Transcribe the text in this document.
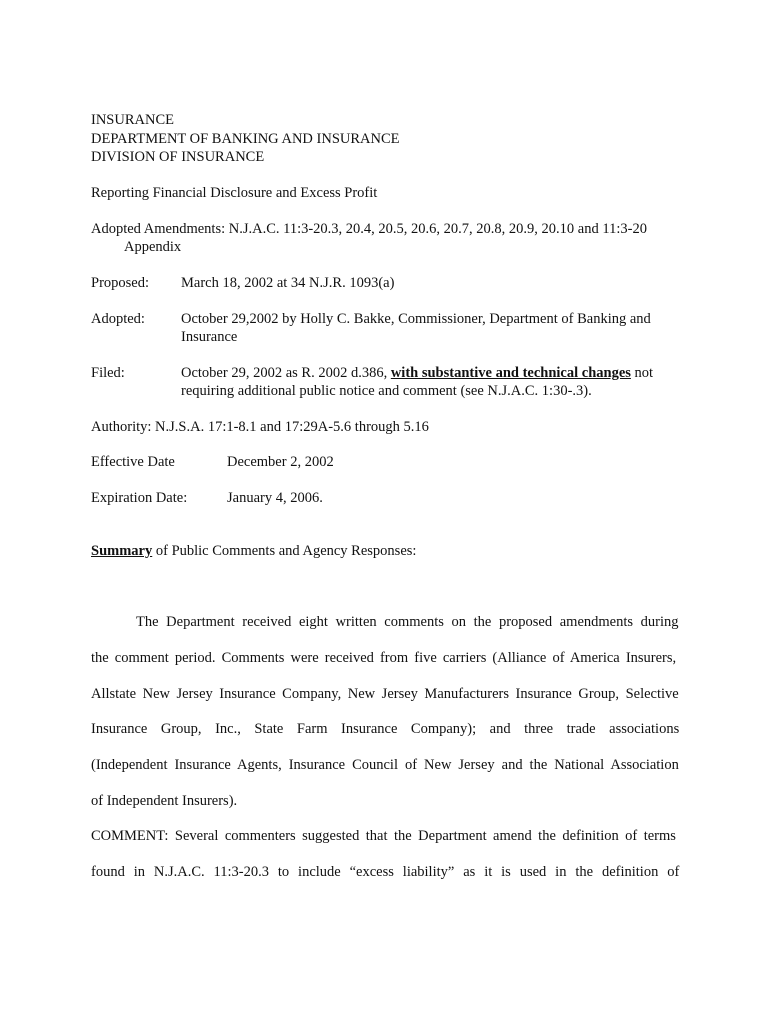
INSURANCE
DEPARTMENT OF BANKING AND INSURANCE
DIVISION OF INSURANCE
Reporting Financial Disclosure and Excess Profit
Adopted Amendments: N.J.A.C. 11:3-20.3, 20.4, 20.5, 20.6, 20.7, 20.8, 20.9, 20.10 and 11:3-20
Appendix
Proposed: March 18, 2002 at 34 N.J.R. 1093(a)
Adopted: October 29,2002 by Holly C. Bakke, Commissioner, Department of Banking and
Insurance
Filed:	October 29, 2002 as R. 2002 d.386, with substantive and technical changes not
requiring additional public notice and comment (see N.J.A.C. 1:30-.3).
Authority: N.J.S.A. 17:1-8.1 and 17:29A-5.6 through 5.16
Effective Date	December 2, 2002
Expiration Date:	January 4, 2006.
Summary of Public Comments and Agency Responses:
The Department received eight written comments on the proposed amendments during
the comment period. Comments were received from five carriers (Alliance of America Insurers,
Allstate New Jersey Insurance Company, New Jersey Manufacturers Insurance Group, Selective
Insurance Group, Inc., State Farm Insurance Company); and three trade associations
(Independent Insurance Agents, Insurance Council of New Jersey and the National Association
of Independent Insurers).
COMMENT: Several commenters suggested that the Department amend the definition of terms
found in N.J.A.C. 11:3-20.3 to include “excess liability” as it is used in the definition of
